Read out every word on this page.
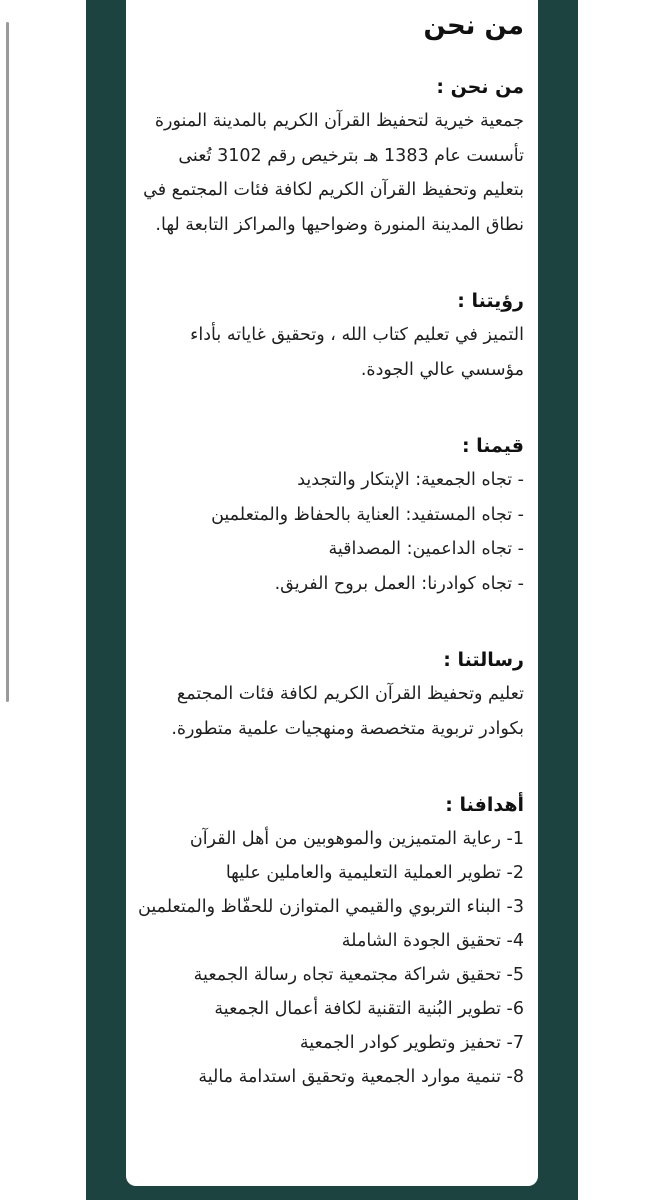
من نحن

من نحن :

جمعية خيرية لتحفيظ القرآن الكريم بالمدينة المنورة تأسست عام 1383 هـ بترخيص رقم 3102 تُعنى بتعليم وتحفيظ القرآن الكريم لكافة فئات المجتمع في نطاق المدينة المنورة وضواحيها والمراكز التابعة لها.

رؤيتنا :

التميز في تعليم كتاب الله ، وتحقيق غاياته بأداء مؤسسي عالي الجودة.

قيمنا :

- تجاه الجمعية: الإبتكار والتجديد

- تجاه المستفيد: العناية بالحفاظ والمتعلمين

- تجاه الداعمين: المصداقية

- تجاه كوادرنا: العمل بروح الفريق.

رسالتنا :

تعليم وتحفيظ القرآن الكريم لكافة فئات المجتمع بكوادر تربوية متخصصة ومنهجيات علمية متطورة.

أهدافنا :

1- رعاية المتميزين والموهوبين من أهل القرآن

2- تطوير العملية التعليمية والعاملين عليها

3- البناء التربوي والقيمي المتوازن للحفّاظ والمتعلمين

4- تحقيق الجودة الشاملة

5- تحقيق شراكة مجتمعية تجاه رسالة الجمعية

6- تطوير البُنية التقنية لكافة أعمال الجمعية

7- تحفيز وتطوير كوادر الجمعية

8- تنمية موارد الجمعية وتحقيق استدامة مالية
